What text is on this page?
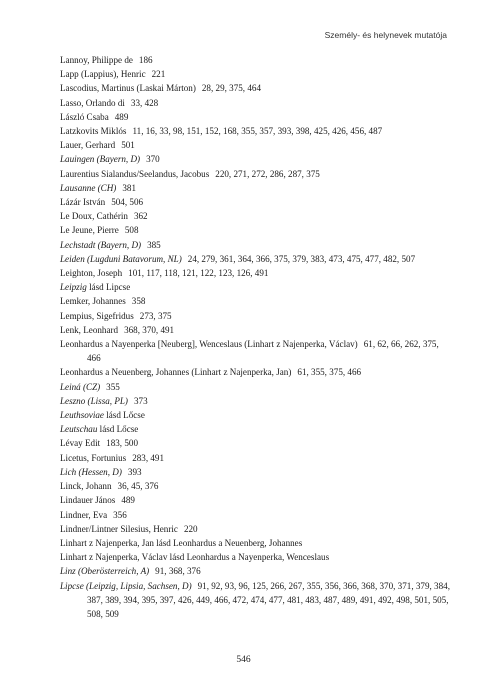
Személy- és helynevek mutatója
Lannoy, Philippe de 186
Lapp (Lappius), Henric 221
Lascodius, Martinus (Laskai Márton) 28, 29, 375, 464
Lasso, Orlando di 33, 428
László Csaba 489
Latzkovits Miklós 11, 16, 33, 98, 151, 152, 168, 355, 357, 393, 398, 425, 426, 456, 487
Lauer, Gerhard 501
Lauingen (Bayern, D) 370
Laurentius Sialandus/Seelandus, Jacobus 220, 271, 272, 286, 287, 375
Lausanne (CH) 381
Lázár István 504, 506
Le Doux, Cathérin 362
Le Jeune, Pierre 508
Lechstadt (Bayern, D) 385
Leiden (Lugduni Batavorum, NL) 24, 279, 361, 364, 366, 375, 379, 383, 473, 475, 477, 482, 507
Leighton, Joseph 101, 117, 118, 121, 122, 123, 126, 491
Leipzig lásd Lipcse
Lemker, Johannes 358
Lempius, Sigefridus 273, 375
Lenk, Leonhard 368, 370, 491
Leonhardus a Nayenperka [Neuberg], Wenceslaus (Linhart z Najenperka, Václav) 61, 62, 66, 262, 375, 466
Leonhardus a Neuenberg, Johannes (Linhart z Najenperka, Jan) 61, 355, 375, 466
Leiná (CZ) 355
Leszno (Lissa, PL) 373
Leuthsoviae lásd Lőcse
Leutschau lásd Lőcse
Lévay Edit 183, 500
Licetus, Fortunius 283, 491
Lich (Hessen, D) 393
Linck, Johann 36, 45, 376
Lindauer János 489
Lindner, Eva 356
Lindner/Lintner Silesius, Henric 220
Linhart z Najenperka, Jan lásd Leonhardus a Neuenberg, Johannes
Linhart z Najenperka, Václav lásd Leonhardus a Nayenperka, Wenceslaus
Linz (Oberösterreich, A) 91, 368, 376
Lipcse (Leipzig, Lipsia, Sachsen, D) 91, 92, 93, 96, 125, 266, 267, 355, 356, 366, 368, 370, 371, 379, 384, 387, 389, 394, 395, 397, 426, 449, 466, 472, 474, 477, 481, 483, 487, 489, 491, 492, 498, 501, 505, 508, 509
546
